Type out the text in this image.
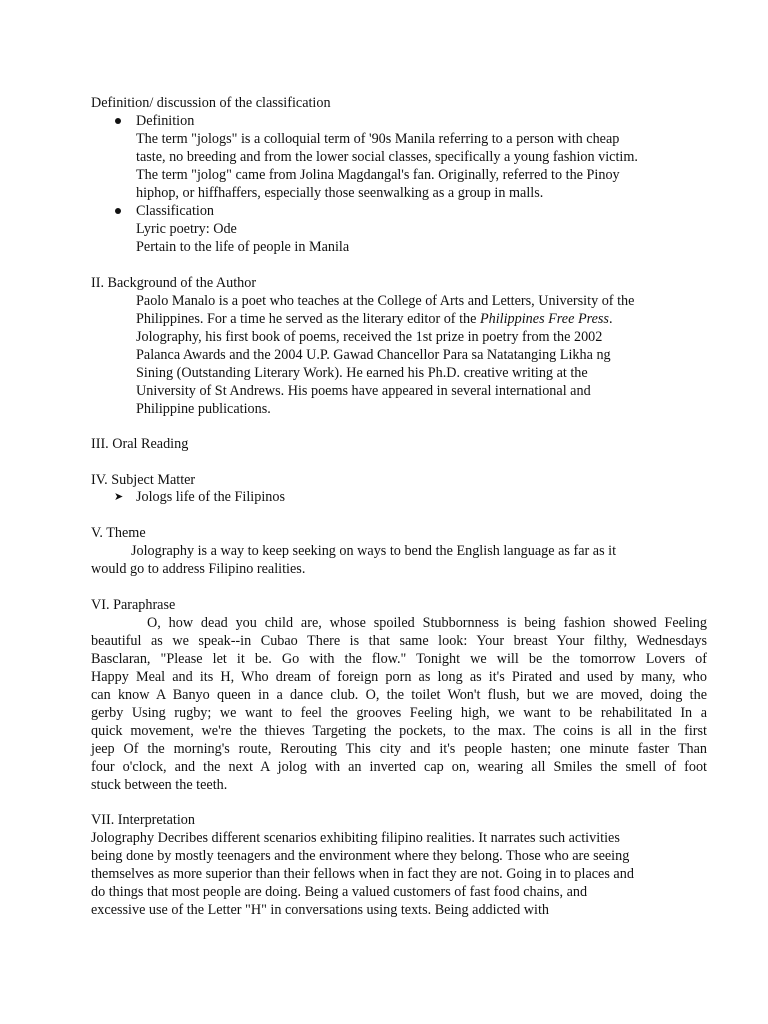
Definition/ discussion of the classification
Definition
The term "jologs" is a colloquial term of '90s Manila referring to a person with cheap
taste, no breeding and from the lower social classes, specifically a young fashion victim.
The term "jolog" came from Jolina Magdangal's fan. Originally, referred to the Pinoy
hiphop, or hiffhaffers, especially those seenwalking as a group in malls.
Classification
Lyric poetry: Ode
Pertain to the life of people in Manila
II. Background of the Author
Paolo Manalo is a poet who teaches at the College of Arts and Letters, University of the
Philippines. For a time he served as the literary editor of the Philippines Free Press.
Jolography, his first book of poems, received the 1st prize in poetry from the 2002
Palanca Awards and the 2004 U.P. Gawad Chancellor Para sa Natatanging Likha ng
Sining (Outstanding Literary Work). He earned his Ph.D. creative writing at the
University of St Andrews. His poems have appeared in several international and
Philippine publications.
III. Oral Reading
IV. Subject Matter
➤ Jologs life of the Filipinos
V. Theme
Jolography is a way to keep seeking on ways to bend the English language as far as it
would go to address Filipino realities.
VI. Paraphrase
O, how dead you child are, whose spoiled Stubbornness is being fashion showed Feeling
beautiful as we speak--in Cubao There is that same look: Your breast Your filthy, Wednesdays
Basclaran, "Please let it be. Go with the flow." Tonight we will be the tomorrow Lovers of
Happy Meal and its H, Who dream of foreign porn as long as it's Pirated and used by many, who
can know A Banyo queen in a dance club. O, the toilet Won't flush, but we are moved, doing the
gerby Using rugby; we want to feel the grooves Feeling high, we want to be rehabilitated In a
quick movement, we're the thieves Targeting the pockets, to the max. The coins is all in the first
jeep Of the morning's route, Rerouting This city and it's people hasten; one minute faster Than
four o'clock, and the next A jolog with an inverted cap on, wearing all Smiles the smell of foot
stuck between the teeth.
VII. Interpretation
Jolography Decribes different scenarios exhibiting filipino realities. It narrates such activities
being done by mostly teenagers and the environment where they belong. Those who are seeing
themselves as more superior than their fellows when in fact they are not. Going in to places and
do things that most people are doing. Being a valued customers of fast food chains, and
excessive use of the Letter "H" in conversations using texts. Being addicted with
